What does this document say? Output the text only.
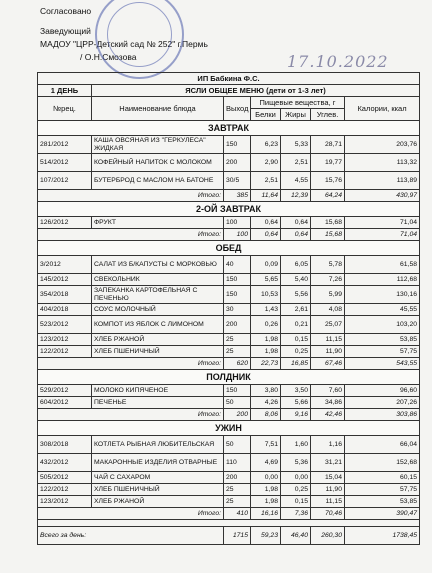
Согласовано
Заведующий
МАДОУ "ЦРР-Детский сад № 252" г.Пермь
/ О.Н.Смозова	17.10.2022
ИП Бабкина Ф.С.						
1 ДЕНЬ	ЯСЛИ ОБЩЕЕ МЕНЮ (дети от 1-3 лет)					
№рец.	Наименование блюда	Выход	Пищевые вещества, г			Калории, ккал
			Белки	Жиры	Углев.	
ЗАВТРАК						
281/2012	КАША ОВСЯНАЯ ИЗ "ГЕРКУЛЕСА" ЖИДКАЯ	150	6,23	5,33	28,71	203,76
514/2012	КОФЕЙНЫЙ НАПИТОК С МОЛОКОМ	200	2,90	2,51	19,77	113,32
107/2012	БУТЕРБРОД С МАСЛОМ НА БАТОНЕ	30/5	2,51	4,55	15,76	113,89
Итого:		385	11,64	12,39	64,24	430,97
2-ОЙ ЗАВТРАК						
126/2012	ФРУКТ	100	0,64	0,64	15,68	71,04
Итого:		100	0,64	0,64	15,68	71,04
ОБЕД						
3/2012	САЛАТ ИЗ Б/КАПУСТЫ С МОРКОВЬЮ	40	0,09	6,05	5,78	61,58
145/2012	СВЕКОЛЬНИК	150	5,65	5,40	7,26	112,68
354/2018	ЗАПЕКАНКА КАРТОФЕЛЬНАЯ С ПЕЧЕНЬЮ	150	10,53	5,56	5,99	130,16
404/2018	СОУС МОЛОЧНЫЙ	30	1,43	2,61	4,08	45,55
523/2012	КОМПОТ ИЗ ЯБЛОК С ЛИМОНОМ	200	0,26	0,21	25,07	103,20
123/2012	ХЛЕБ РЖАНОЙ	25	1,98	0,15	11,15	53,85
122/2012	ХЛЕБ ПШЕНИЧНЫЙ	25	1,98	0,25	11,90	57,75
Итого:		620	22,73	16,85	67,46	543,55
ПОЛДНИК						
529/2012	МОЛОКО КИПЯЧЕНОЕ	150	3,80	3,50	7,60	96,60
604/2012	ПЕЧЕНЬЕ	50	4,26	5,66	34,86	207,26
Итого:		200	8,06	9,16	42,46	303,86
УЖИН						
308/2018	КОТЛЕТА РЫБНАЯ ЛЮБИТЕЛЬСКАЯ	50	7,51	1,60	1,16	66,04
432/2012	МАКАРОННЫЕ ИЗДЕЛИЯ ОТВАРНЫЕ	110	4,69	5,36	31,21	152,68
505/2012	ЧАЙ С САХАРОМ	200	0,00	0,00	15,04	60,15
122/2012	ХЛЕБ ПШЕНИЧНЫЙ	25	1,98	0,25	11,90	57,75
123/2012	ХЛЕБ РЖАНОЙ	25	1,98	0,15	11,15	53,85
Итого:		410	16,16	7,36	70,46	390,47

Всего за день:		1715	59,23	46,40	260,30	1738,45
